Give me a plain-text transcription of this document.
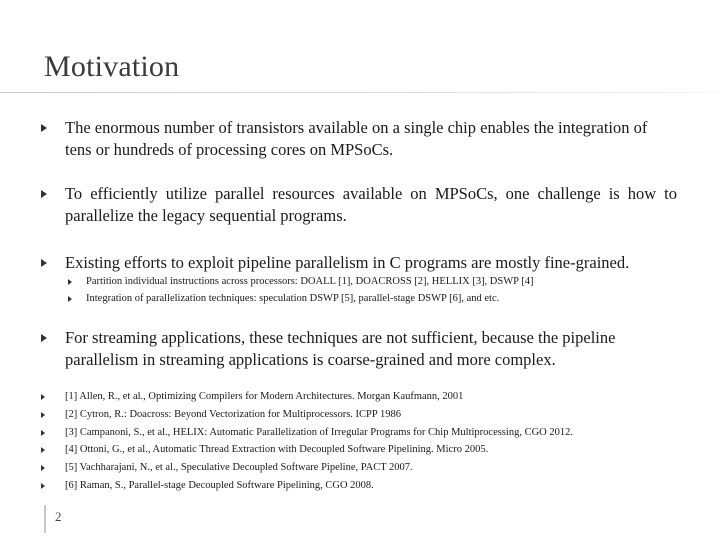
Motivation
The enormous number of transistors available on a single chip enables the integration of tens or hundreds of processing cores on MPSoCs.
To efficiently utilize parallel resources available on MPSoCs, one challenge is how to parallelize the legacy sequential programs.
Existing efforts to exploit pipeline parallelism in C programs are mostly fine-grained.
Partition individual instructions across processors: DOALL [1], DOACROSS [2], HELLIX [3], DSWP [4]
Integration of parallelization techniques: speculation DSWP [5], parallel-stage DSWP [6], and etc.
For streaming applications, these techniques are not sufficient, because the pipeline parallelism in streaming applications is coarse-grained and more complex.
[1] Allen, R., et al., Optimizing Compilers for Modern Architectures. Morgan Kaufmann, 2001
[2] Cytron, R.: Doacross: Beyond Vectorization for Multiprocessors. ICPP 1986
[3] Campanoni, S., et al., HELIX: Automatic Parallelization of Irregular Programs for Chip Multiprocessing, CGO 2012.
[4] Ottoni, G., et al., Automatic Thread Extraction with Decoupled Software Pipelining. Micro 2005.
[5] Vachharajani, N., et al., Speculative Decoupled Software Pipeline, PACT 2007.
[6] Raman, S., Parallel-stage Decoupled Software Pipelining, CGO 2008.
2
